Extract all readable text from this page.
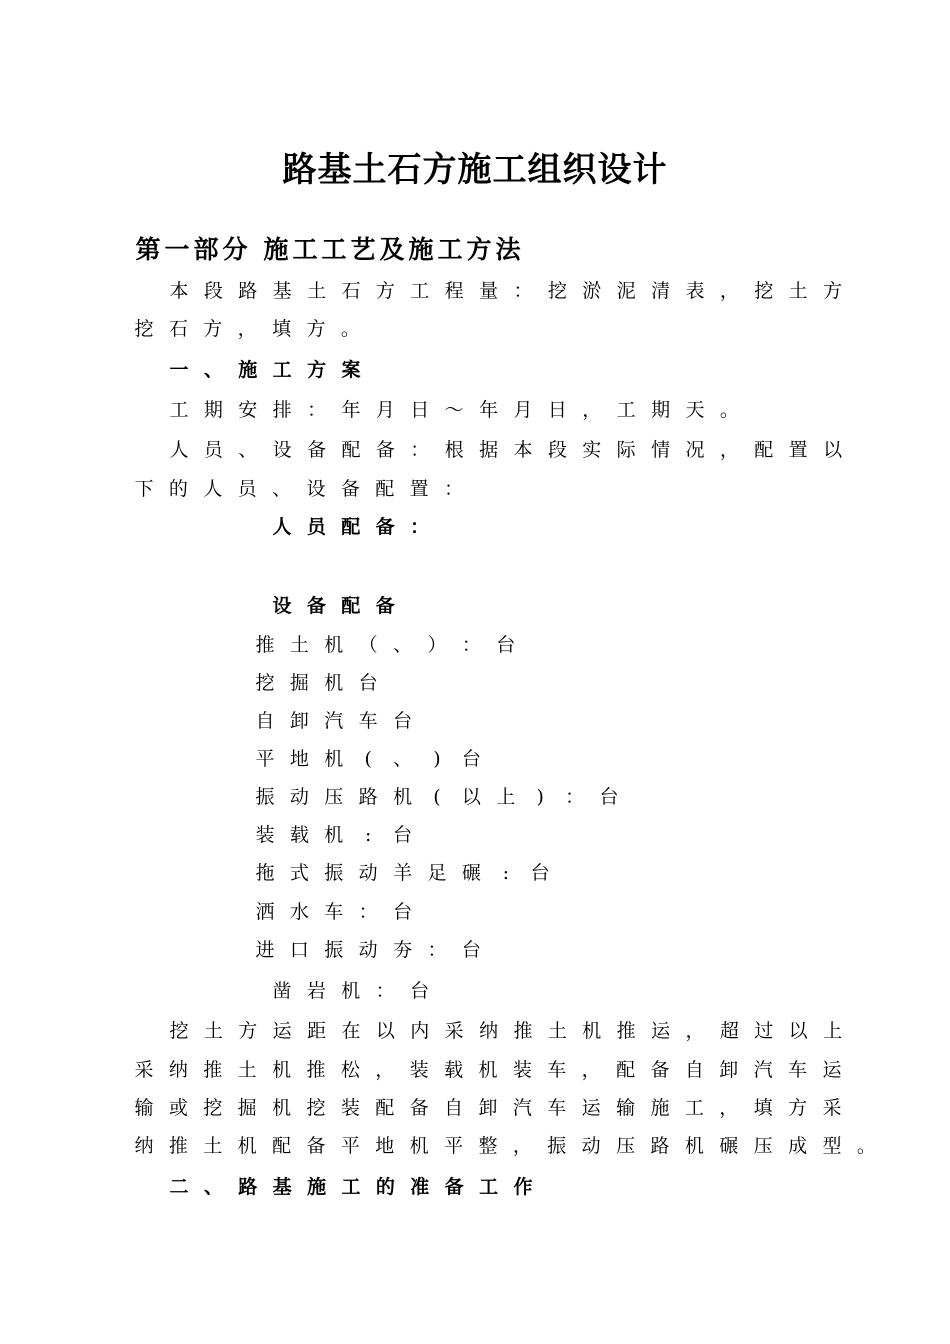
路基土石方施工组织设计
第 一 部 分 施 工 工 艺 及 施 工 方 法
本 段 路 基 土 石 方 工 程 量 ： 挖 淤 泥 清 表 ， 挖 土 方
挖 石 方 ， 填 方 。
一 、 施 工 方 案
工 期 安 排 ： 年 月 日 ～ 年 月 日 ， 工 期 天 。
人 员 、 设 备 配 备 ： 根 据 本 段 实 际 情 况 ， 配 置 以
下 的 人 员 、 设 备 配 置 ：
人 员 配 备 ：
设 备 配 备
推 土 机 （ 、 ） ： 台
挖 掘 机 台
自 卸 汽 车 台
平 地 机	(	、	)	台
振 动 压 路 机	(	以 上	)	： 台
装 载 机	:	台
拖 式 振 动 羊 足 碾	:	台
洒 水 车 ： 台
进 口 振 动 夯 ： 台
凿 岩 机 ： 台
挖 土 方 运 距 在 以 内 采 纳 推 土 机 推 运 ， 超 过 以 上
采 纳 推 土 机 推 松 ， 装 载 机 装 车 ， 配 备 自 卸 汽 车 运
输 或 挖 掘 机 挖 装 配 备 自 卸 汽 车 运 输 施 工 ， 填 方 采
纳 推 土 机 配 备 平 地 机 平 整 ， 振 动 压 路 机 碾 压 成 型 。
二 、 路 基 施 工 的 准 备 工 作
